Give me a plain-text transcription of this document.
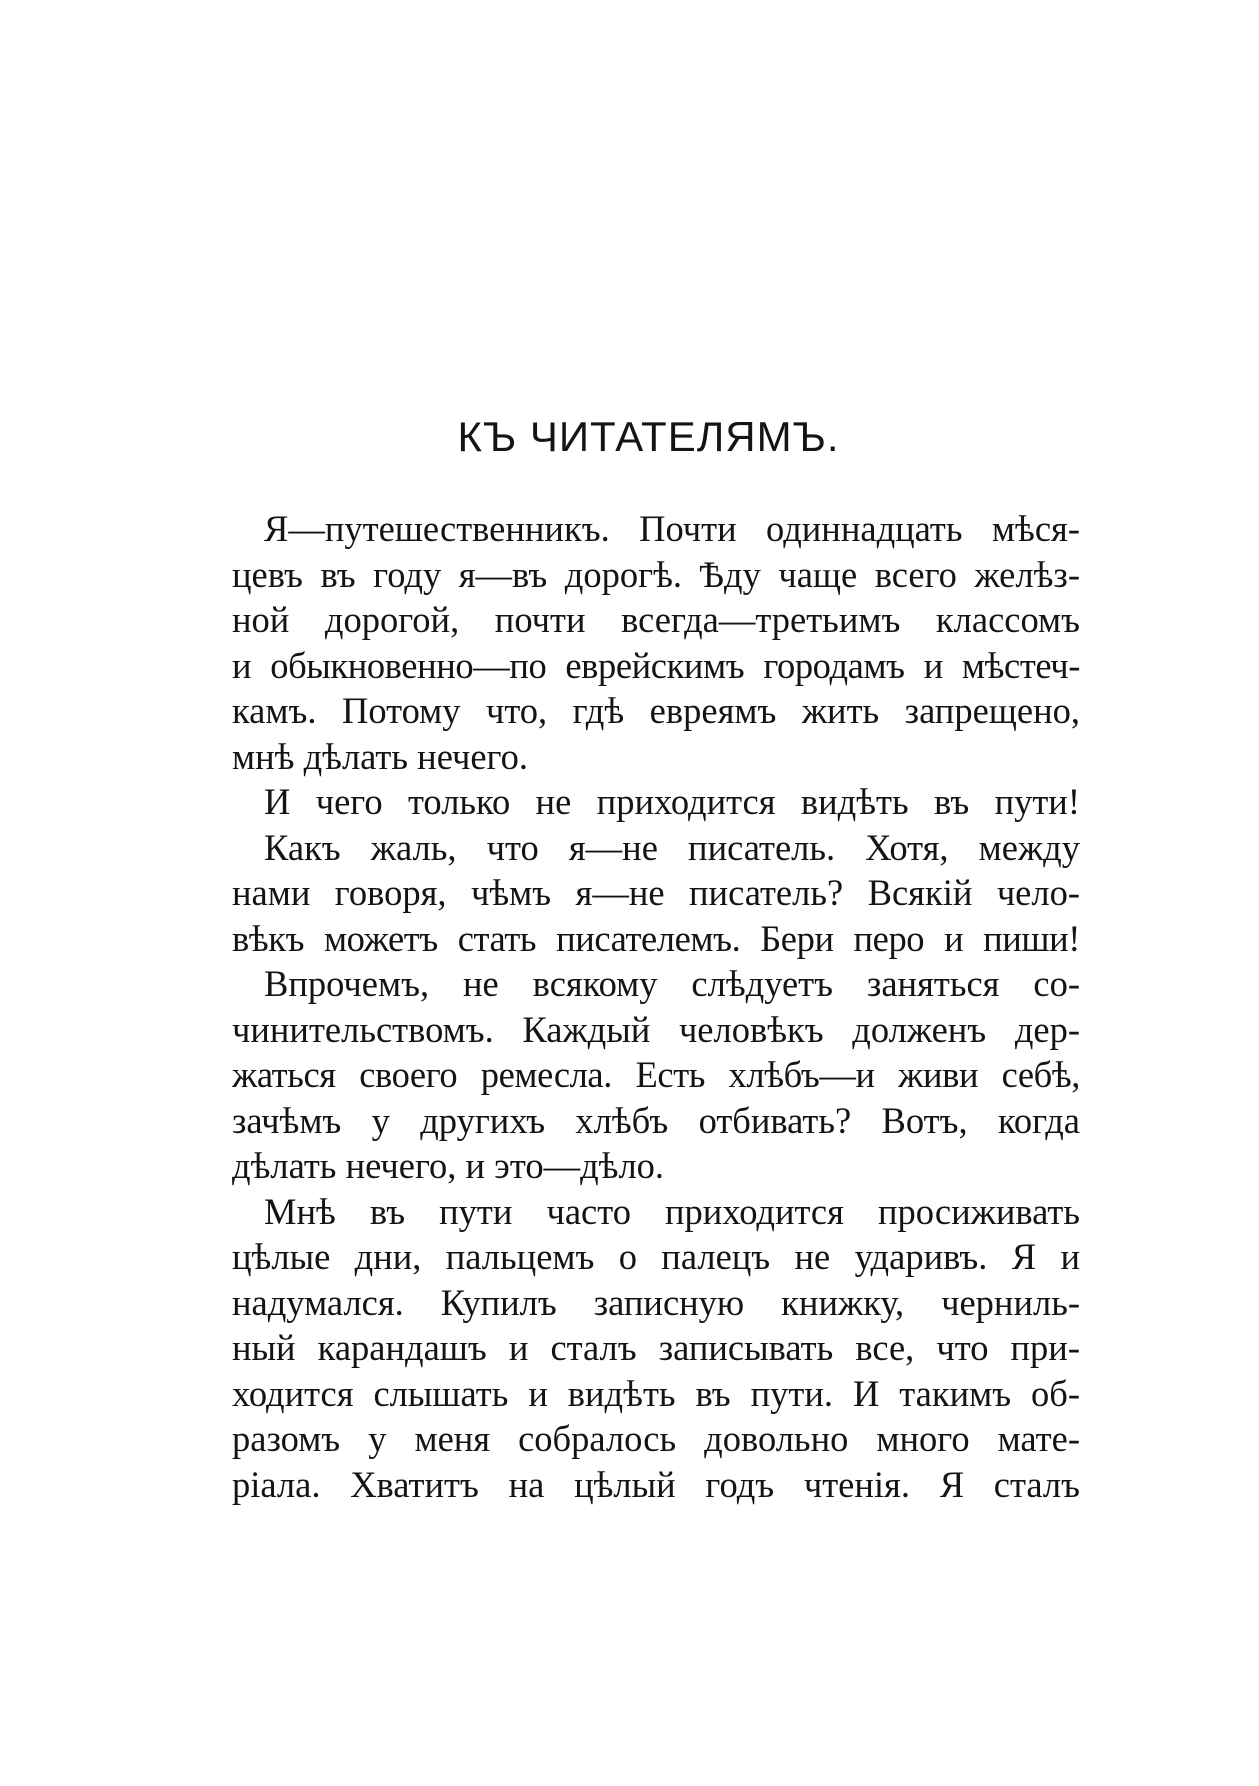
КЪ ЧИТАТЕЛЯМЪ.
Я—путешественникъ. Почти одиннадцать мѣся-
цевъ въ году я—въ дорогѣ. Ѣду чаще всего желѣз-
ной дорогой, почти всегда—третьимъ классомъ
и обыкновенно—по еврейскимъ городамъ и мѣстеч-
камъ. Потому что, гдѣ евреямъ жить запрещено,
мнѣ дѣлать нечего.
И чего только не приходится видѣть въ пути!
Какъ жаль, что я—не писатель. Хотя, между
нами говоря, чѣмъ я—не писатель? Всякій чело-
вѣкъ можетъ стать писателемъ. Бери перо и пиши!
Впрочемъ, не всякому слѣдуетъ заняться со-
чинительствомъ. Каждый человѣкъ долженъ дер-
жаться своего ремесла. Есть хлѣбъ—и живи себѣ,
зачѣмъ у другихъ хлѣбъ отбивать? Вотъ, когда
дѣлать нечего, и это—дѣло.
Мнѣ въ пути часто приходится просиживать
цѣлые дни, пальцемъ о палецъ не ударивъ. Я и
надумался. Купилъ записную книжку, черниль-
ный карандашъ и сталъ записывать все, что при-
ходится слышать и видѣть въ пути. И такимъ об-
разомъ у меня собралось довольно много мате-
ріала. Хватитъ на цѣлый годъ чтенія. Я сталъ
